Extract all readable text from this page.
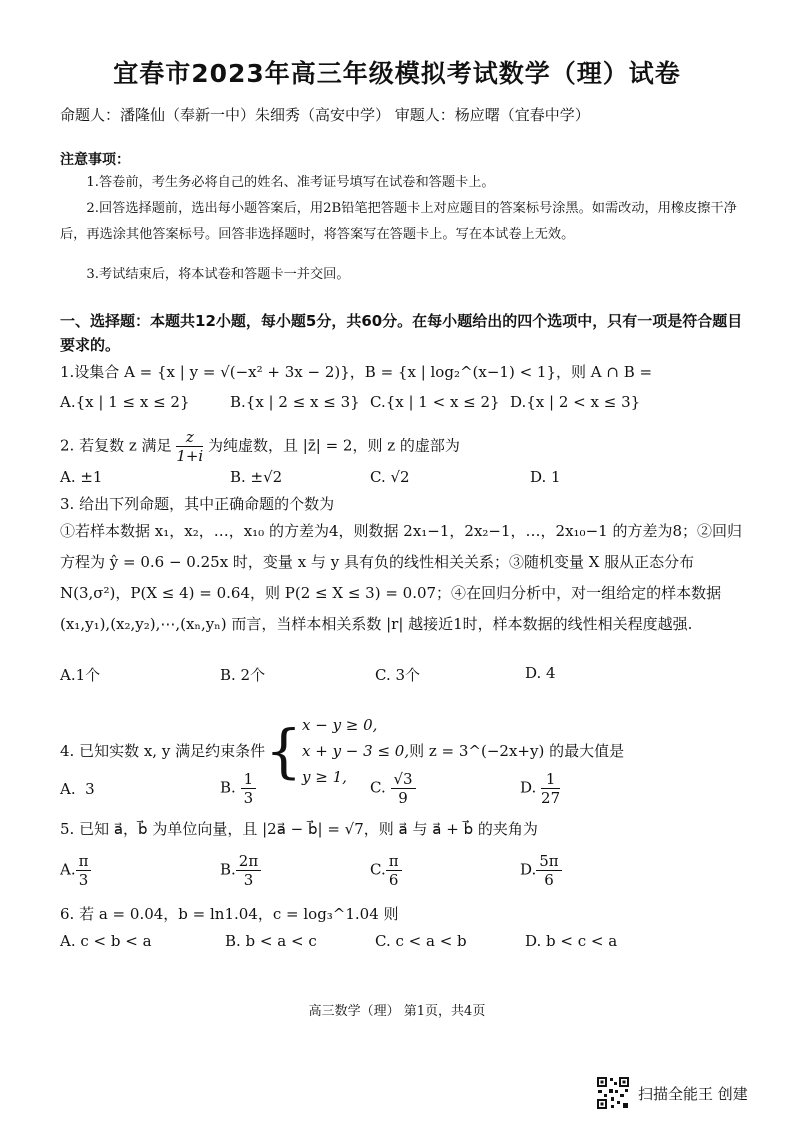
宜春市2023年高三年级模拟考试数学（理）试卷
命题人：潘隆仙（奉新一中）朱细秀（高安中学） 审题人：杨应曙（宜春中学）
注意事项：
1.答卷前，考生务必将自己的姓名、准考证号填写在试卷和答题卡上。
2.回答选择题前，选出每小题答案后，用2B铅笔把答题卡上对应题目的答案标号涂黑。如需改动，用橡皮擦干净后，再选涂其他答案标号。回答非选择题时，将答案写在答题卡上。写在本试卷上无效。
3.考试结束后，将本试卷和答题卡一并交回。
一、选择题：本题共12小题，每小题5分，共60分。在每小题给出的四个选项中，只有一项是符合题目要求的。
1.设集合 A = {x | y = √(−x² + 3x − 2)}，B = {x | log₂^(x−1) < 1}，则 A ∩ B =
A.{x | 1 ≤ x ≤ 2}	B.{x | 2 ≤ x ≤ 3} C.{x | 1 < x ≤ 2} D.{x | 2 < x ≤ 3}
2. 若复数 z 满足 $\frac{z}{1+i}$ 为纯虚数，且 |z̄| = 2，则 z 的虚部为
A. ±1	B. ±√2	C. √2	D. 1
3. 给出下列命题，其中正确命题的个数为
①若样本数据 x₁，x₂，…，x₁₀ 的方差为4，则数据 2x₁−1，2x₂−1，…，2x₁₀−1 的方差为8；②回归方程为 ŷ = 0.6 − 0.25x 时，变量 x 与 y 具有负的线性相关关系；③随机变量 X 服从正态分布 N(3,σ²)，P(X ≤ 4) = 0.64，则 P(2 ≤ X ≤ 3) = 0.07；④在回归分析中，对一组给定的样本数据 (x₁,y₁),(x₂,y₂),⋯,(xₙ,yₙ) 而言，当样本相关系数 |r| 越接近1时，样本数据的线性相关程度越强.
A.1个	B. 2个	C. 3个	D. 4
4. 已知实数 x, y 满足约束条件 { x − y ≥ 0,
x + y − 3 ≤ 0,
y ≥ 1,
则 z = 3^(−2x+y) 的最大值是
A. 3	B. $\frac{1}{3}$	C. $\frac{√3}{9}$	D. $\frac{1}{27}$
5. 已知 a⃗，b⃗ 为单位向量，且 |2a⃗ − b⃗| = √7，则 a⃗ 与 a⃗ + b⃗ 的夹角为
A. $\frac{\pi}{3}$	B. $\frac{2\pi}{3}$	C. $\frac{\pi}{6}$	D. $\frac{5\pi}{6}$
6. 若 a = 0.04，b = ln1.04，c = log₃^1.04 则
A. c < b < a	B. b < a < c	C. c < a < b	D. b < c < a
高三数学（理） 第1页，共4页
扫描全能王 创建
